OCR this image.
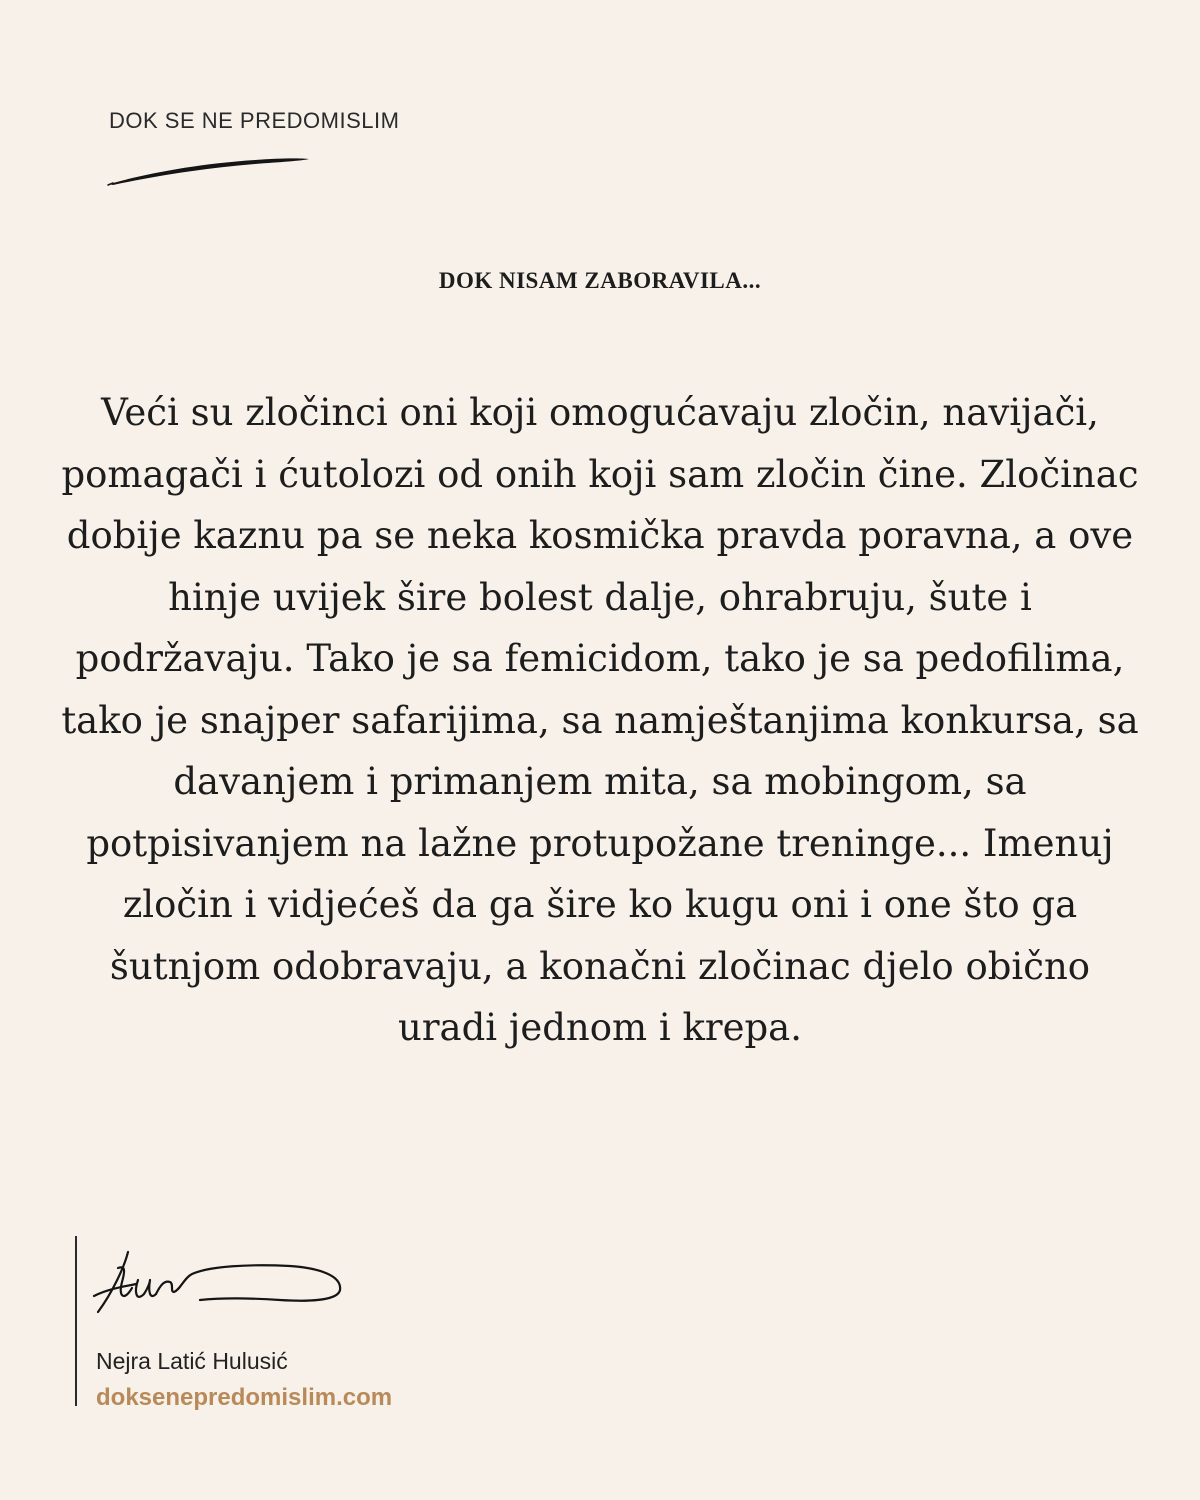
DOK SE NE PREDOMISLIM
DOK NISAM ZABORAVILA...

Veći su zločinci oni koji omogućavaju zločin, navijači, pomagači i ćutolozi od onih koji sam zločin čine. Zločinac dobije kaznu pa se neka kosmička pravda poravna, a ove hinje uvijek šire bolest dalje, ohrabruju, šute i podržavaju. Tako je sa femicidom, tako je sa pedofilima, tako je snajper safarijima, sa namještanjima konkursa, sa davanjem i primanjem mita, sa mobingom, sa potpisivanjem na lažne protupožane treninge... Imenuj zločin i vidjećeš da ga šire ko kugu oni i one što ga šutnjom odobravaju, a konačni zločinac djelo obično uradi jednom i krepa.

Nejra Latić Hulusić
doksenepredomislim.com
